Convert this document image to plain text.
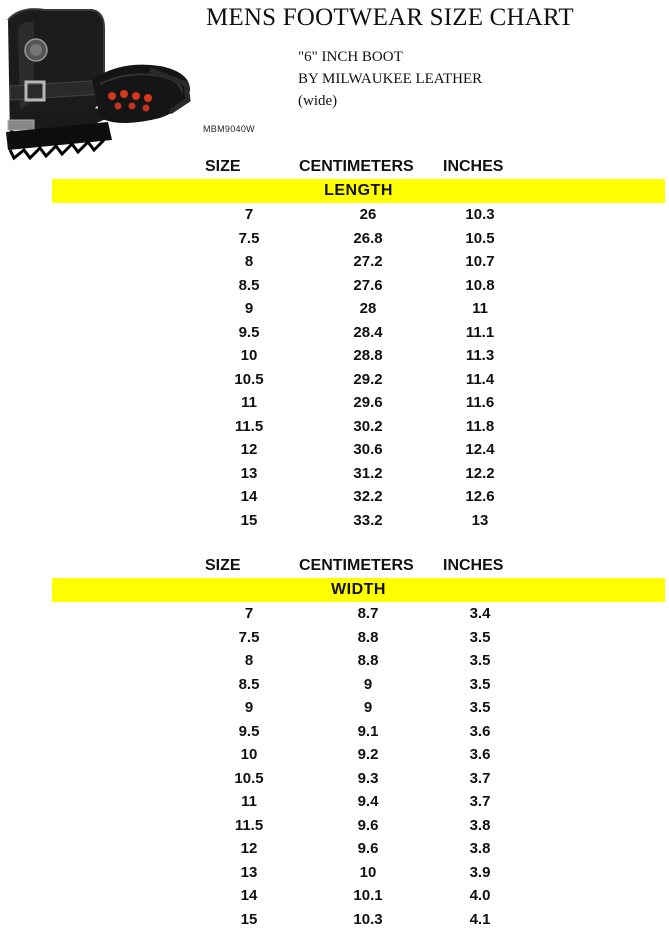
MENS FOOTWEAR SIZE CHART
"6" INCH BOOT
BY MILWAUKEE LEATHER
(wide)
MBM9040W
SIZE	CENTIMETERS INCHES
LENGTH
7	26	10.3
7.5	26.8	10.5
8	27.2	10.7
8.5	27.6	10.8
9	28	11
9.5	28.4	11.1
10	28.8	11.3
10.5	29.2	11.4
11	29.6	11.6
11.5	30.2	11.8
12	30.6	12.4
13	31.2	12.2
14	32.2	12.6
15	33.2	13
SIZE	CENTIMETERS INCHES
WIDTH
7	8.7	3.4
7.5	8.8	3.5
8	8.8	3.5
8.5	9	3.5
9	9	3.5
9.5	9.1	3.6
10	9.2	3.6
10.5	9.3	3.7
11	9.4	3.7
11.5	9.6	3.8
12	9.6	3.8
13	10	3.9
14	10.1	4.0
15	10.3	4.1
